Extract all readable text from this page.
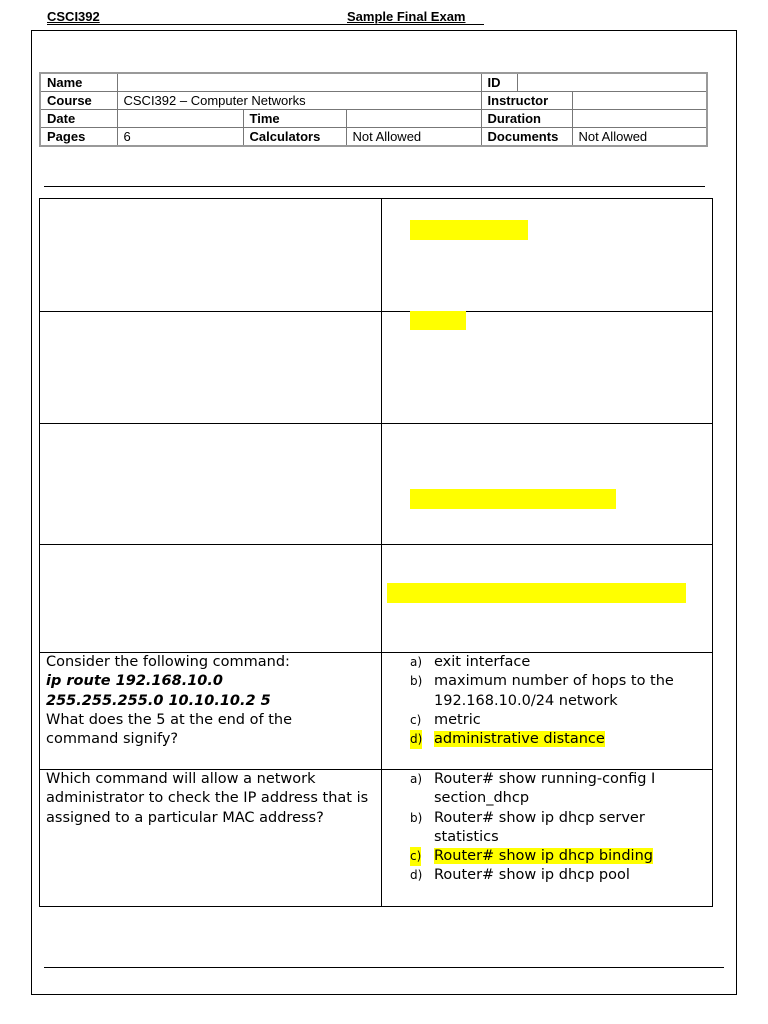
CSCI392	Sample Final Exam
Name				ID		
Course	CSCI392 – Computer Networks			Instructor		
Date		Time		Duration		
Pages	6	Calculators	Not Allowed	Documents		Not Allowed
Consider the following command:
ip route 192.168.10.0
255.255.255.0 10.10.10.2 5
What does the 5 at the end of the
command signify?
a) exit interface
b) maximum number of hops to the 192.168.10.0/24 network
c) metric
d) administrative distance
Which command will allow a network administrator to check the IP address that is assigned to a particular MAC address?
a) Router# show running-config I section_dhcp
b) Router# show ip dhcp server statistics
c) Router# show ip dhcp binding
d) Router# show ip dhcp pool
